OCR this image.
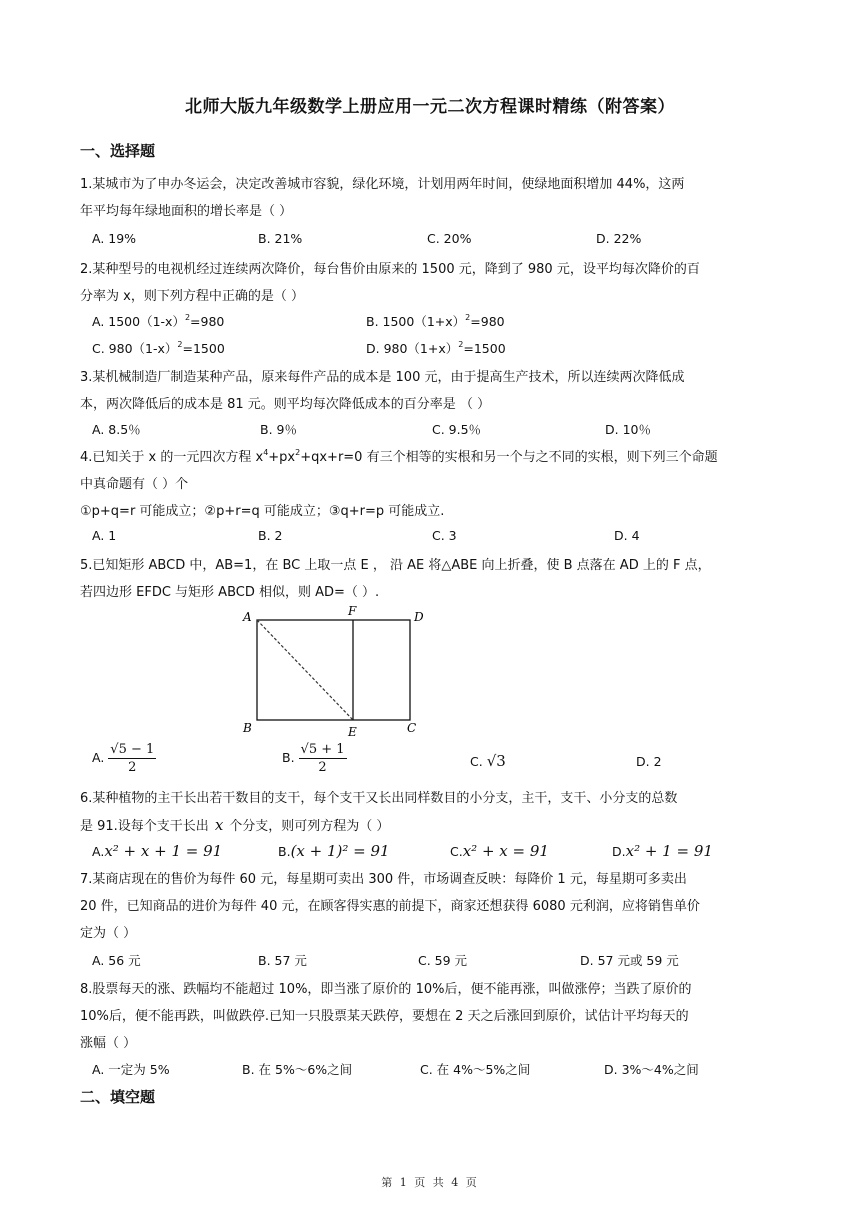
北师大版九年级数学上册应用一元二次方程课时精练（附答案）
一、选择题
1.某城市为了申办冬运会，决定改善城市容貌，绿化环境，计划用两年时间，使绿地面积增加 44%，这两
年平均每年绿地面积的增长率是（ ）
A. 19%	B. 21%	C. 20%	D. 22%
2.某种型号的电视机经过连续两次降价，每台售价由原来的 1500 元，降到了 980 元，设平均每次降价的百
分率为 x，则下列方程中正确的是（ ）
A. $1500(1-x)^2=980$	B. $1500(1+x)^2=980$
C. $980(1-x)^2=1500$	D. $980(1+x)^2=1500$
3.某机械制造厂制造某种产品，原来每件产品的成本是 100 元，由于提高生产技术，所以连续两次降低成
本，两次降低后的成本是 81 元。则平均每次降低成本的百分率是 （ ）
A. 8.5％	B. 9％	C. 9.5％	D. 10％
4.已知关于 x 的一元四次方程 $x^4+px^2+qx+r=0$ 有三个相等的实根和另一个与之不同的实根，则下列三个命题
中真命题有（ ）个
①p+q=r 可能成立；②p+r=q 可能成立；③q+r=p 可能成立.
A. 1	B. 2	C. 3	D. 4
5.已知矩形 ABCD 中，AB=1，在 BC 上取一点 E ， 沿 AE 将△ABE 向上折叠，使 B 点落在 AD 上的 F 点，
若四边形 EFDC 与矩形 ABCD 相似，则 AD=（ ）.
A	F	D
B	E	C
A. $\frac{√5 - 1}{2}$	B. $\frac{√5 + 1}{2}$	C. √3	D. 2
6.某种植物的主干长出若干数目的支干，每个支干又长出同样数目的小分支，主干，支干、小分支的总数
是 91.设每个支干长出 x 个分支，则可列方程为（ ）
A.x² + x + 1 = 91	B.(x + 1)² = 91	C.x² + x = 91	D.x² + 1 = 91
7.某商店现在的售价为每件 60 元，每星期可卖出 300 件，市场调查反映：每降价 1 元，每星期可多卖出
20 件，已知商品的进价为每件 40 元，在顾客得实惠的前提下，商家还想获得 6080 元利润，应将销售单价
定为（ ）
A. 56 元	B. 57 元	C. 59 元	D. 57 元或 59 元
8.股票每天的涨、跌幅均不能超过 10%，即当涨了原价的 10%后，便不能再涨，叫做涨停；当跌了原价的
10%后，便不能再跌，叫做跌停.已知一只股票某天跌停，要想在 2 天之后涨回到原价，试估计平均每天的
涨幅（ ）
A. 一定为 5%	B. 在 5%～6%之间	C. 在 4%～5%之间	D. 3%～4%之间
二、填空题
第 1 页 共 4 页
